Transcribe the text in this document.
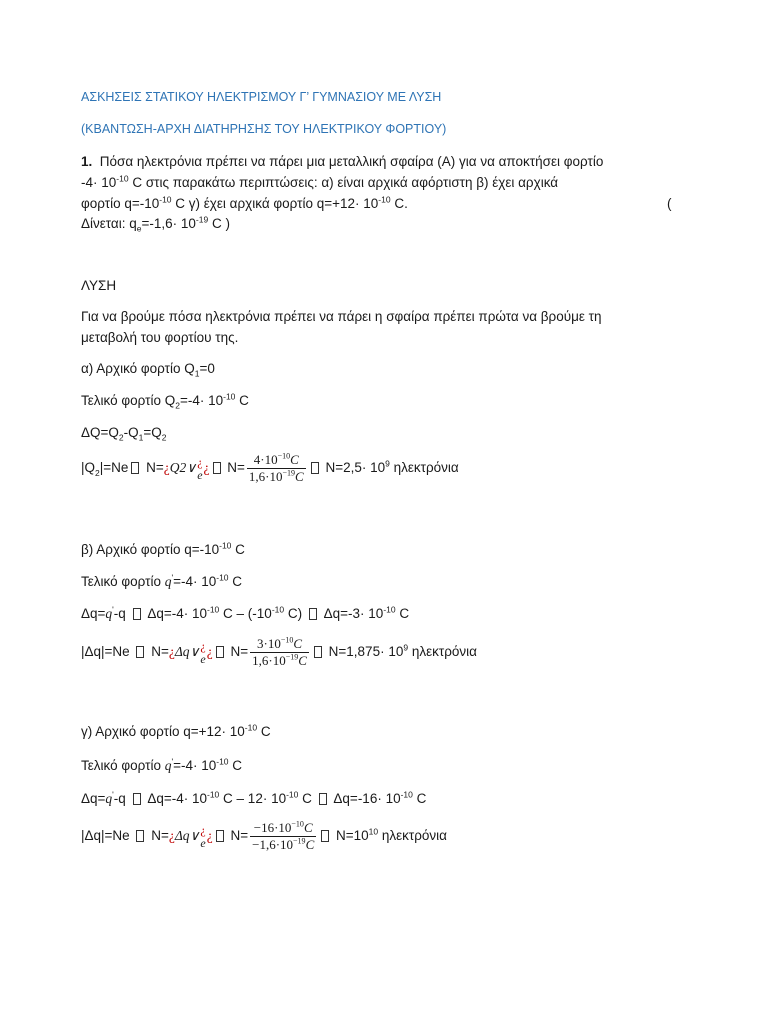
ΑΣΚΗΣΕΙΣ ΣΤΑΤΙΚΟΥ ΗΛΕΚΤΡΙΣΜΟΥ Γ’ ΓΥΜΝΑΣΙΟΥ ΜΕ ΛΥΣΗ
(ΚΒΑΝΤΩΣΗ-ΑΡΧΗ ΔΙΑΤΗΡΗΣΗΣ ΤΟΥ ΗΛΕΚΤΡΙΚΟΥ ΦΟΡΤΙΟΥ)
1. Πόσα ηλεκτρόνια πρέπει να πάρει μια μεταλλική σφαίρα (Α) για να αποκτήσει φορτίο
$-4\cdot 10^{-10}$ C στις παρακάτω περιπτώσεις: α) είναι αρχικά αφόρτιστη β) έχει αρχικά
φορτίο $q=-10^{-10}$ C γ) έχει αρχικά φορτίο $q=+12\cdot 10^{-10}$ C.	(
Δίνεται: $q_e=-1,6\cdot 10^{-19}$ C )
ΛΥΣΗ
Για να βρούμε πόσα ηλεκτρόνια πρέπει να πάρει η σφαίρα πρέπει πρώτα να βρούμε τη
μεταβολή του φορτίου της.
α) Αρχικό φορτίο $Q_1=0$
Τελικό φορτίο $Q_2=-4\cdot 10^{-10}$ C
$\Delta Q=Q_2-Q_1=Q_2$
$|Q_2|=Ne$ N=¿Q2∨ ¿
e ¿ $N= \frac{4\cdot 10^{-10}C}{1,6\cdot 10^{-19}C} N=2,5\cdot 10^9$ ηλεκτρόνια
β) Αρχικό φορτίο $q=-10^{-10}$ C
Τελικό φορτίο $q'=-4\cdot 10^{-10}$ C
Δq=q'-q  $\Delta q=-4\cdot 10^{-10}$ C – ($-10^{-10}$ C)  $\Delta q=-3\cdot 10^{-10}$ C
|Δq|=Ne  N=¿Δq∨ ¿
e ¿ $N= \frac{3\cdot 10^{-10}C}{1,6\cdot 10^{-19}C} N=1,875\cdot 10^9$ ηλεκτρόνια
γ) Αρχικό φορτίο $q=+12\cdot 10^{-10}$ C
Τελικό φορτίο $q'=-4\cdot 10^{-10}$ C
Δq=q'-q  $\Delta q=-4\cdot 10^{-10}$ $C - 12\cdot 10^{-10}$ C  $\Delta q=-16\cdot 10^{-10}$ C
|Δq|=Ne  N=¿Δq∨ ¿
e ¿ $N= \frac{-16\cdot 10^{-10}C}{-1,6\cdot 10^{-19}C} N=10^{10}$ ηλεκτρόνια
